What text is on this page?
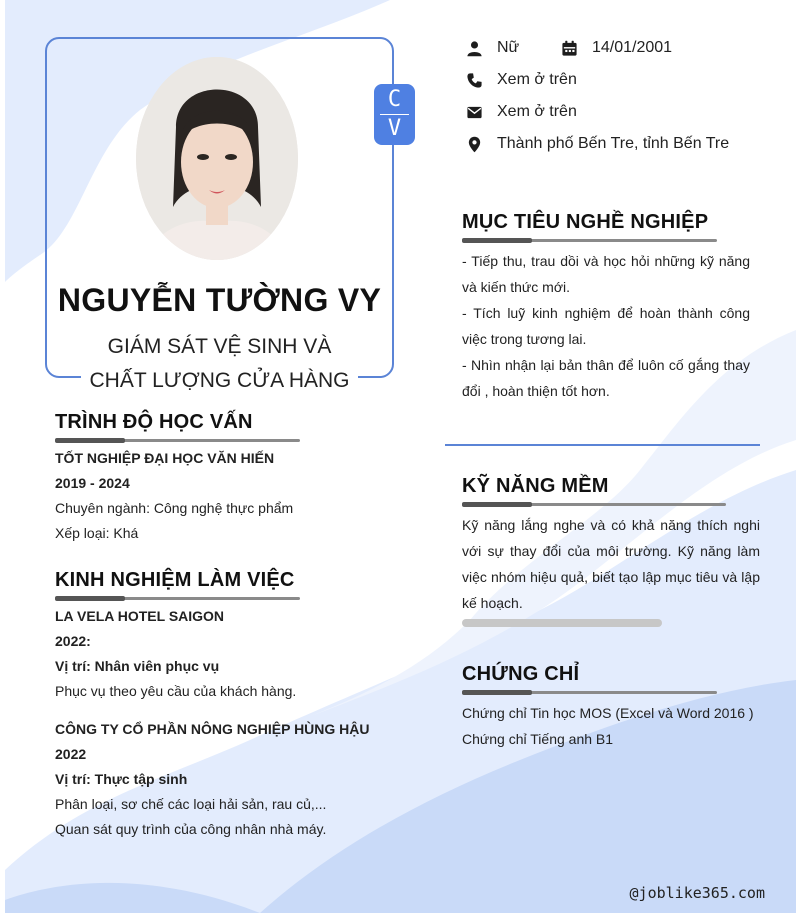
C
V
NGUYỄN TƯỜNG VY
GIÁM SÁT VỆ SINH VÀ
CHẤT LƯỢNG CỬA HÀNG
Nữ	14/01/2001
Xem ở trên
Xem ở trên
Thành phố Bến Tre, tỉnh Bến Tre
MỤC TIÊU NGHỀ NGHIỆP
- Tiếp thu, trau dồi và học hỏi những kỹ năng và kiến thức mới.
- Tích luỹ kinh nghiệm để hoàn thành công việc trong tương lai.
- Nhìn nhận lại bản thân để luôn cố gắng thay đổi , hoàn thiện tốt hơn.
KỸ NĂNG MỀM
Kỹ năng lắng nghe và có khả năng thích nghi với sự thay đổi của môi trường. Kỹ năng làm việc nhóm hiệu quả, biết tạo lập mục tiêu và lập kế hoạch.
CHỨNG CHỈ
Chứng chỉ Tin học MOS (Excel và Word 2016 )
Chứng chỉ Tiếng anh B1
TRÌNH ĐỘ HỌC VẤN
TỐT NGHIỆP ĐẠI HỌC VĂN HIẾN
2019 - 2024
Chuyên ngành: Công nghệ thực phẩm
Xếp loại: Khá
KINH NGHIỆM LÀM VIỆC
LA VELA HOTEL SAIGON
2022:
Vị trí: Nhân viên phục vụ
Phục vụ theo yêu cầu của khách hàng.
CÔNG TY CỔ PHẦN NÔNG NGHIỆP HÙNG HẬU
2022
Vị trí: Thực tập sinh
Phân loại, sơ chế các loại hải sản, rau củ,...
Quan sát quy trình của công nhân nhà máy.
@joblike365.com
